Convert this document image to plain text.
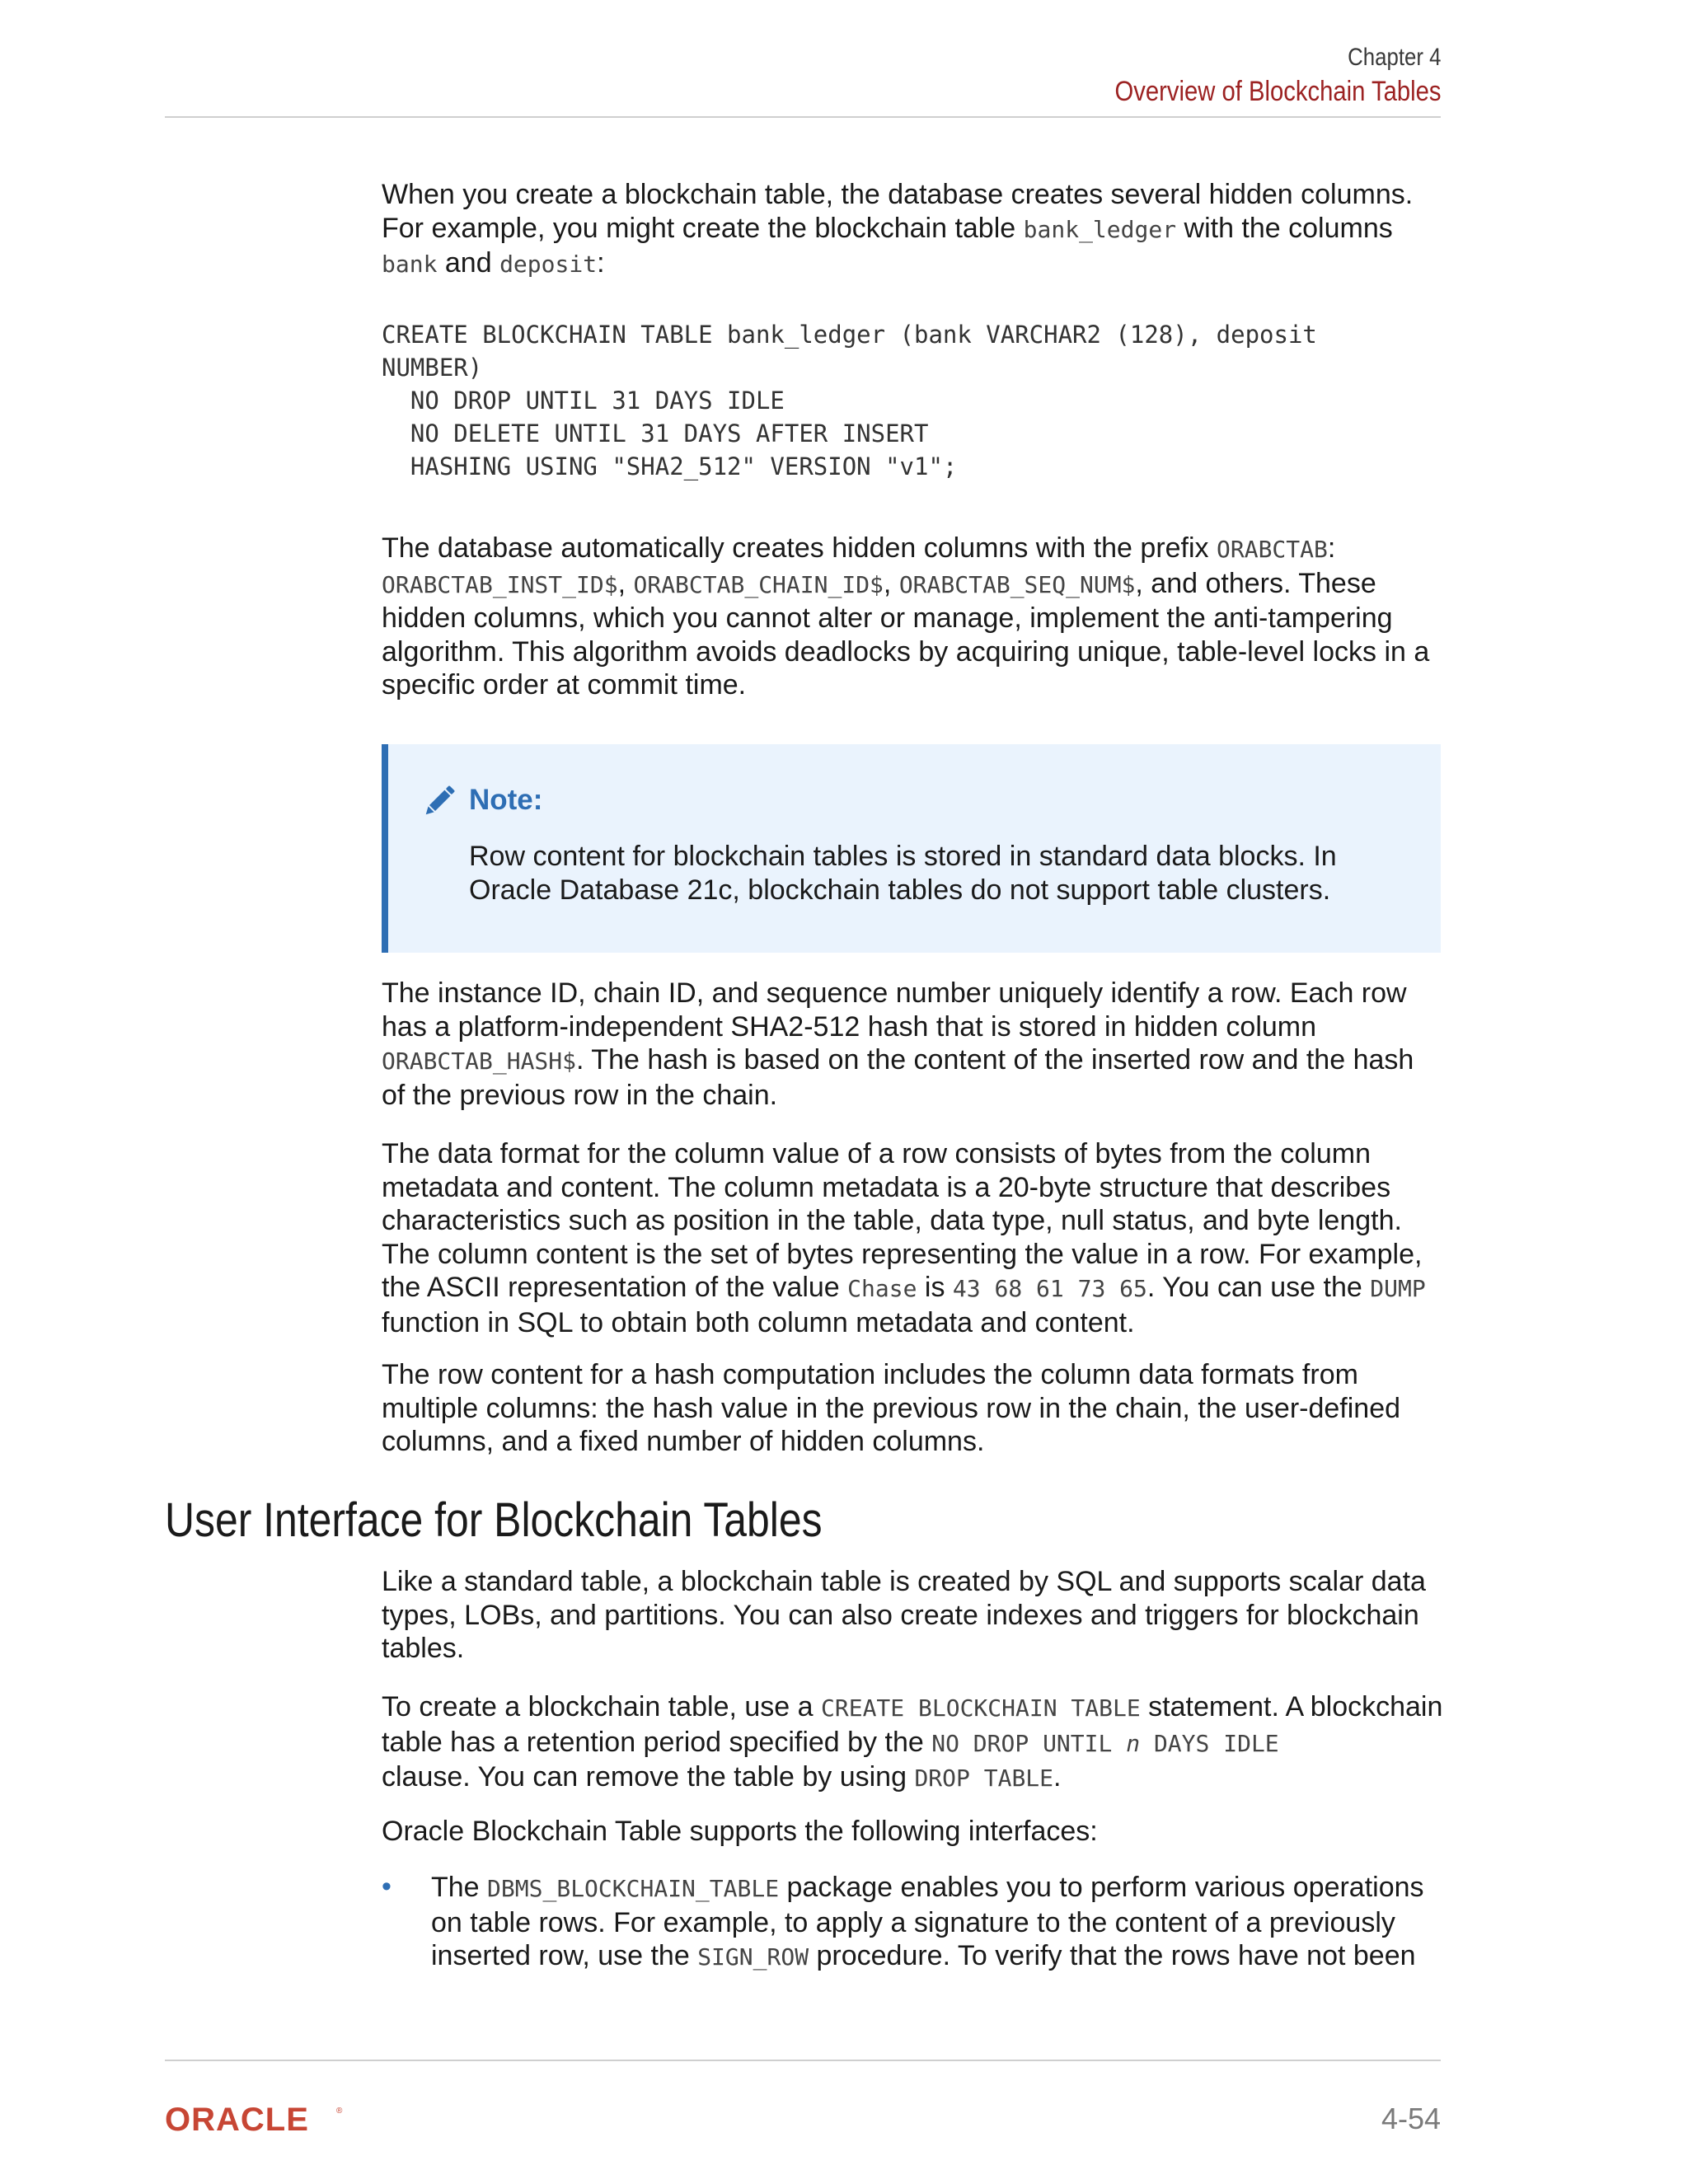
Chapter 4
Overview of Blockchain Tables

When you create a blockchain table, the database creates several hidden columns.
For example, you might create the blockchain table bank_ledger with the columns
bank and deposit:

CREATE BLOCKCHAIN TABLE bank_ledger (bank VARCHAR2 (128), deposit
NUMBER)
NO DROP UNTIL 31 DAYS IDLE
NO DELETE UNTIL 31 DAYS AFTER INSERT
HASHING USING "SHA2_512" VERSION "v1";

The database automatically creates hidden columns with the prefix ORABCTAB:
ORABCTAB_INST_ID$, ORABCTAB_CHAIN_ID$, ORABCTAB_SEQ_NUM$, and others. These hidden columns, which you cannot alter or manage, implement the anti-tampering algorithm. This algorithm avoids deadlocks by acquiring unique, table-level locks in a specific order at commit time.

Note:

Row content for blockchain tables is stored in standard data blocks. In Oracle Database 21c, blockchain tables do not support table clusters.

The instance ID, chain ID, and sequence number uniquely identify a row. Each row has a platform-independent SHA2-512 hash that is stored in hidden column
ORABCTAB_HASH$. The hash is based on the content of the inserted row and the hash of the previous row in the chain.

The data format for the column value of a row consists of bytes from the column metadata and content. The column metadata is a 20-byte structure that describes characteristics such as position in the table, data type, null status, and byte length. The column content is the set of bytes representing the value in a row. For example, the ASCII representation of the value Chase is 43 68 61 73 65. You can use the DUMP function in SQL to obtain both column metadata and content.

The row content for a hash computation includes the column data formats from multiple columns: the hash value in the previous row in the chain, the user-defined columns, and a fixed number of hidden columns.

User Interface for Blockchain Tables

Like a standard table, a blockchain table is created by SQL and supports scalar data types, LOBs, and partitions. You can also create indexes and triggers for blockchain tables.

To create a blockchain table, use a CREATE BLOCKCHAIN TABLE statement. A blockchain table has a retention period specified by the NO DROP UNTIL n DAYS IDLE
clause. You can remove the table by using DROP TABLE.

Oracle Blockchain Table supports the following interfaces:

• The DBMS_BLOCKCHAIN_TABLE package enables you to perform various operations on table rows. For example, to apply a signature to the content of a previously inserted row, use the SIGN_ROW procedure. To verify that the rows have not been

ORACLE	®	4-54
